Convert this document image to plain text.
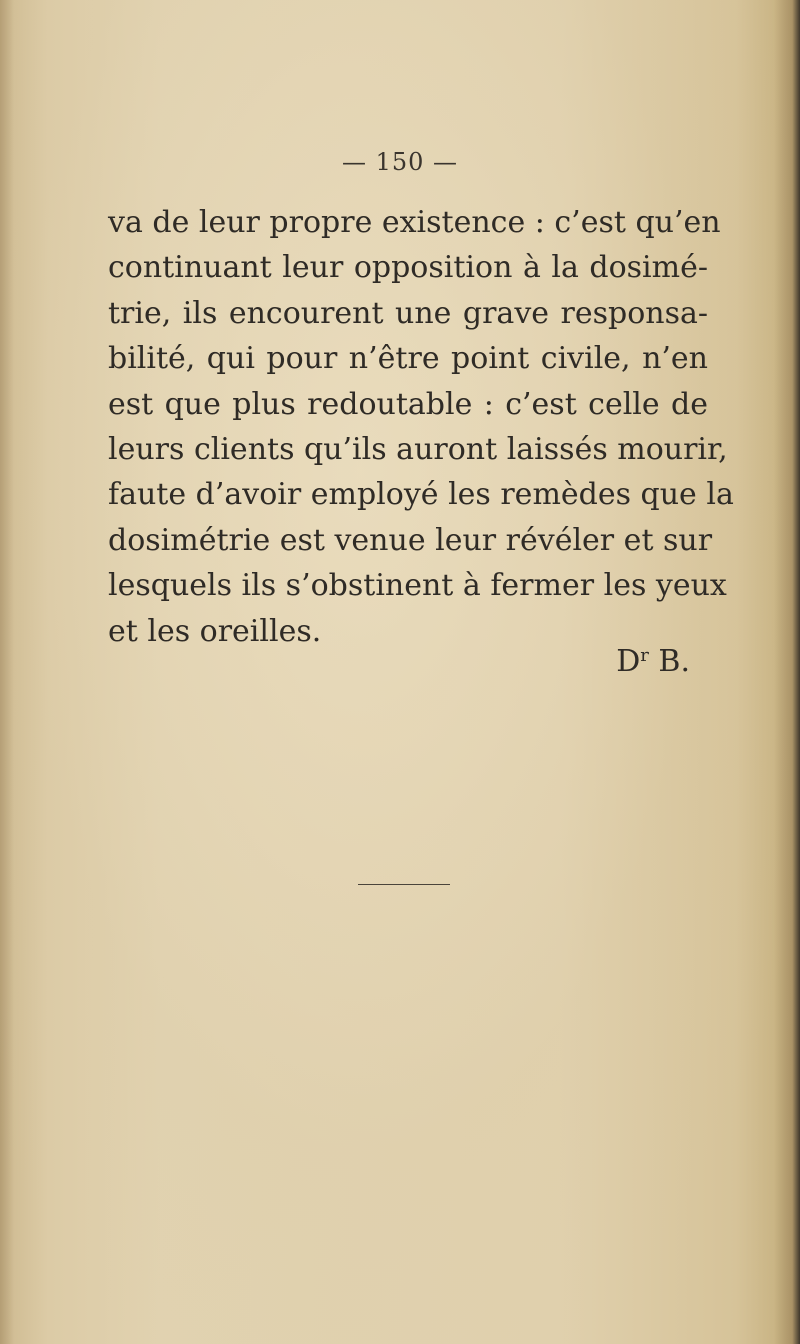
— 150 —

va de leur propre existence : c’est qu’en
continuant leur opposition à la dosimé-
trie, ils encourent une grave responsa-
bilité, qui pour n’être point civile, n’en
est que plus redoutable : c’est celle de
leurs clients qu’ils auront laissés mourir,
faute d’avoir employé les remèdes que la
dosimétrie est venue leur révéler et sur
lesquels ils s’obstinent à fermer les yeux
et les oreilles.

$D^r$ B.
